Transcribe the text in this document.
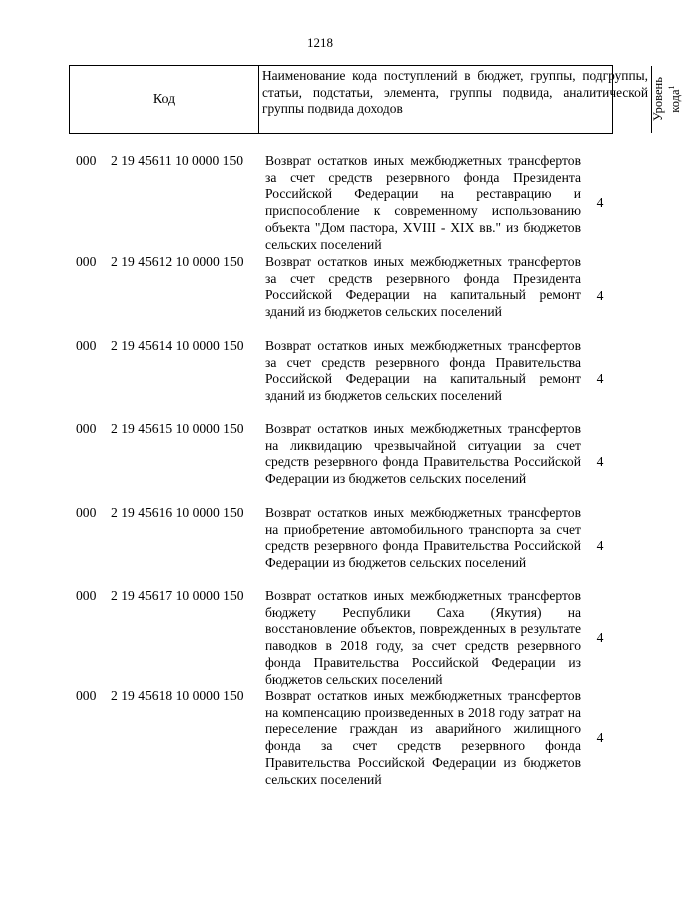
1218
Код
Наименование кода поступлений в бюджет, группы, подгруппы, статьи, подстатьи, элемента, группы подвида, аналитической группы подвида доходов	Уровень кода$^1$
000 2 19 45611 10 0000 150 Возврат остатков иных межбюджетных трансфертов за счет средств резервного фонда Президента Российской Федерации на реставрацию и приспособление к современному использованию объекта "Дом пастора, XVIII - XIX вв." из бюджетов сельских поселений
4
000 2 19 45612 10 0000 150 Возврат остатков иных межбюджетных трансфертов за счет средств резервного фонда Президента Российской Федерации на капитальный ремонт зданий из бюджетов сельских поселений
4
000 2 19 45614 10 0000 150 Возврат остатков иных межбюджетных трансфертов за счет средств резервного фонда Правительства Российской Федерации на капитальный ремонт зданий из бюджетов сельских поселений
4
000 2 19 45615 10 0000 150 Возврат остатков иных межбюджетных трансфертов на ликвидацию чрезвычайной ситуации за счет средств резервного фонда Правительства Российской Федерации из бюджетов сельских поселений
4
000 2 19 45616 10 0000 150 Возврат остатков иных межбюджетных трансфертов на приобретение автомобильного транспорта за счет средств резервного фонда Правительства Российской Федерации из бюджетов сельских поселений
4
000 2 19 45617 10 0000 150 Возврат остатков иных межбюджетных трансфертов бюджету Республики Саха (Якутия) на восстановление объектов, поврежденных в результате паводков в 2018 году, за счет средств резервного фонда Правительства Российской Федерации из бюджетов сельских поселений
4
000 2 19 45618 10 0000 150 Возврат остатков иных межбюджетных трансфертов на компенсацию произведенных в 2018 году затрат на переселение граждан из аварийного жилищного фонда за счет средств резервного фонда Правительства Российской Федерации из бюджетов сельских поселений
4
